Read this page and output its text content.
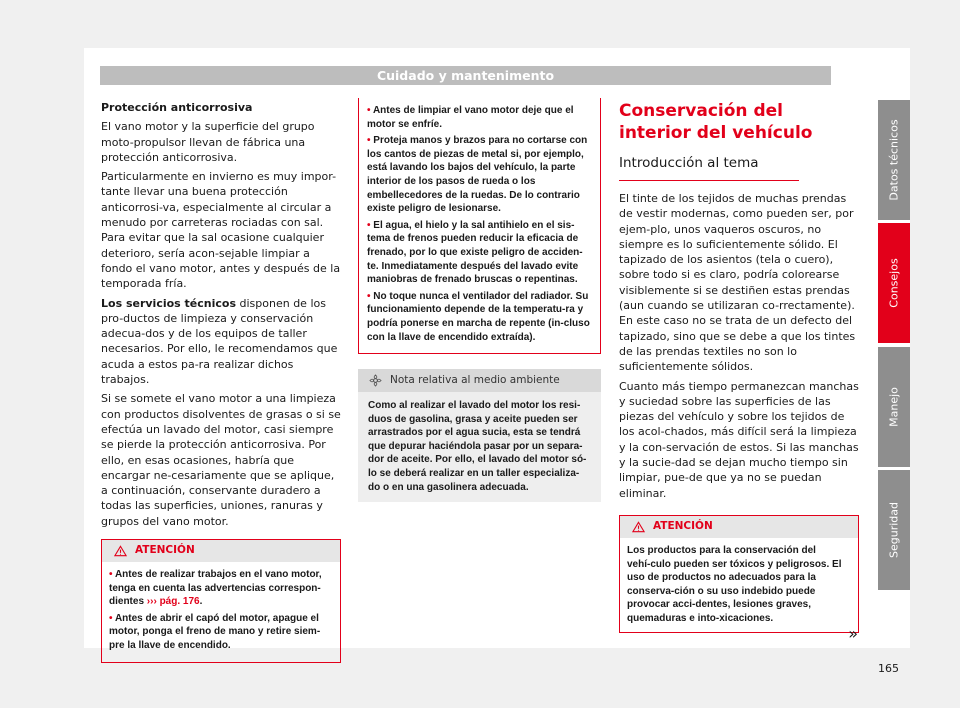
Cuidado y mantenimento

Protección anticorrosiva

El vano motor y la superficie del grupo moto-propulsor llevan de fábrica una protección anticorrosiva.

Particularmente en invierno es muy impor-tante llevar una buena protección anticorrosi-va, especialmente al circular a menudo por carreteras rociadas con sal. Para evitar que la sal ocasione cualquier deterioro, sería acon-sejable limpiar a fondo el vano motor, antes y después de la temporada fría.

Los servicios técnicos disponen de los pro-ductos de limpieza y conservación adecua-dos y de los equipos de taller necesarios. Por ello, le recomendamos que acuda a estos pa-ra realizar dichos trabajos.

Si se somete el vano motor a una limpieza con productos disolventes de grasas o si se efectúa un lavado del motor, casi siempre se pierde la protección anticorrosiva. Por ello, en esas ocasiones, habría que encargar ne-cesariamente que se aplique, a continuación, conservante duradero a todas las superficies, uniones, ranuras y grupos del vano motor.

ATENCIÓN
• Antes de realizar trabajos en el vano motor, tenga en cuenta las advertencias correspon-dientes ››› pág. 176.
• Antes de abrir el capó del motor, apague el motor, ponga el freno de mano y retire siem-pre la llave de encendido.
• Antes de limpiar el vano motor deje que el motor se enfríe.
• Proteja manos y brazos para no cortarse con los cantos de piezas de metal si, por ejemplo, está lavando los bajos del vehículo, la parte interior de los pasos de rueda o los embellecedores de la ruedas. De lo contrario existe peligro de lesionarse.
• El agua, el hielo y la sal antihielo en el sis-tema de frenos pueden reducir la eficacia de frenado, por lo que existe peligro de acciden-te. Inmediatamente después del lavado evite maniobras de frenado bruscas o repentinas.
• No toque nunca el ventilador del radiador. Su funcionamiento depende de la temperatu-ra y podría ponerse en marcha de repente (in-cluso con la llave de encendido extraída).
Nota relativa al medio ambiente
Como al realizar el lavado del motor los resi-duos de gasolina, grasa y aceite pueden ser arrastrados por el agua sucia, esta se tendrá que depurar haciéndola pasar por un separa-dor de aceite. Por ello, el lavado del motor só-lo se deberá realizar en un taller especializa-do o en una gasolinera adecuada.
Conservación del interior del vehículo
Introducción al tema

El tinte de los tejidos de muchas prendas de vestir modernas, como pueden ser, por ejem-plo, unos vaqueros oscuros, no siempre es lo suficientemente sólido. El tapizado de los asientos (tela o cuero), sobre todo si es claro, podría colorearse visiblemente si se destiñen estas prendas (aun cuando se utilizaran co-rrectamente). En este caso no se trata de un defecto del tapizado, sino que se debe a que los tintes de las prendas textiles no son lo suficientemente sólidos.

Cuanto más tiempo permanezcan manchas y suciedad sobre las superficies de las piezas del vehículo y sobre los tejidos de los acol-chados, más difícil será la limpieza y la con-servación de estos. Si las manchas y la sucie-dad se dejan mucho tiempo sin limpiar, pue-de que ya no se puedan eliminar.

ATENCIÓN
Los productos para la conservación del vehí-culo pueden ser tóxicos y peligrosos. El uso de productos no adecuados para la conserva-ción o su uso indebido puede provocar acci-dentes, lesiones graves, quemaduras e into-xicaciones.
»
Datos técnicos
Consejos
Manejo
Seguridad
165
